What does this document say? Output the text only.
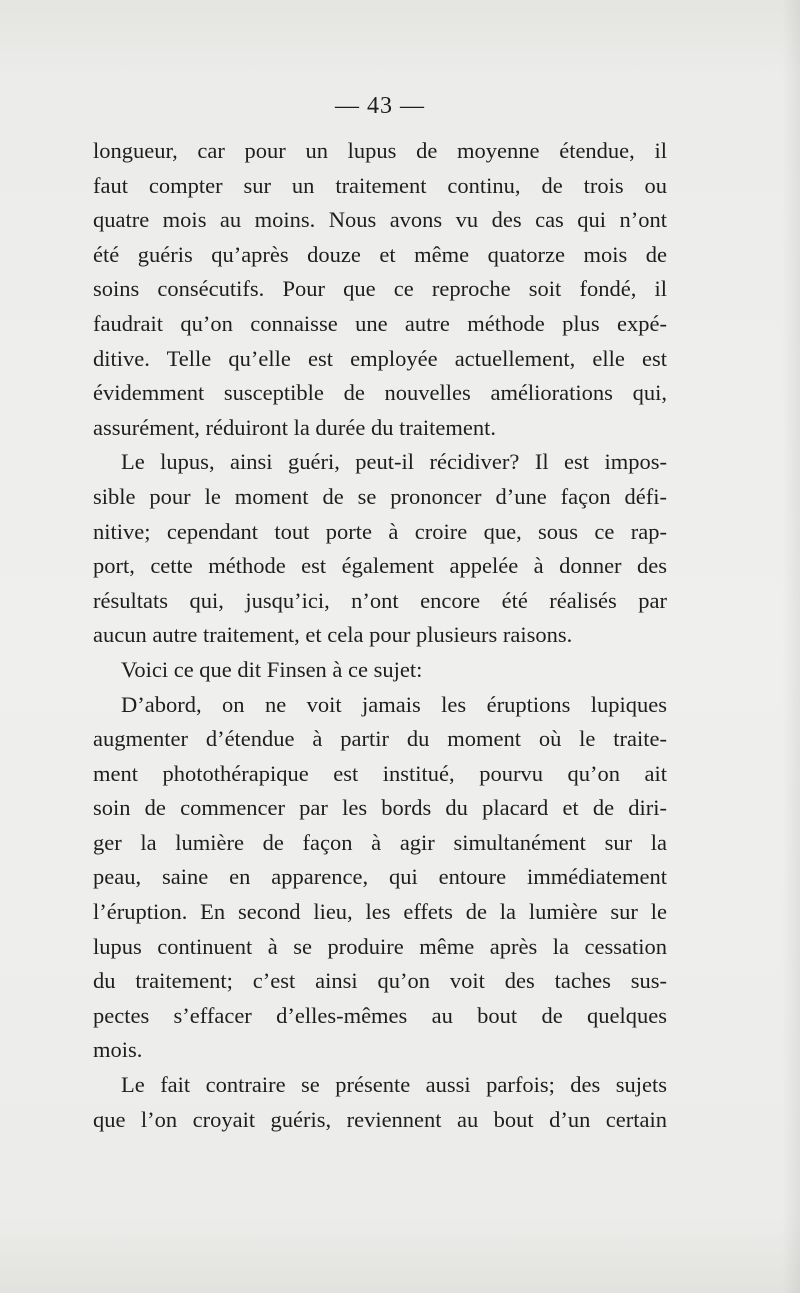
— 43 —
longueur, car pour un lupus de moyenne étendue, il
faut compter sur un traitement continu, de trois ou
quatre mois au moins. Nous avons vu des cas qui n’ont
été guéris qu’après douze et même quatorze mois de
soins consécutifs. Pour que ce reproche soit fondé, il
faudrait qu’on connaisse une autre méthode plus expé-
ditive. Telle qu’elle est employée actuellement, elle est
évidemment susceptible de nouvelles améliorations qui,
assurément, réduiront la durée du traitement.
Le lupus, ainsi guéri, peut-il récidiver? Il est impos-
sible pour le moment de se prononcer d’une façon défi-
nitive; cependant tout porte à croire que, sous ce rap-
port, cette méthode est également appelée à donner des
résultats qui, jusqu’ici, n’ont encore été réalisés par
aucun autre traitement, et cela pour plusieurs raisons.
Voici ce que dit Finsen à ce sujet:
D’abord, on ne voit jamais les éruptions lupiques
augmenter d’étendue à partir du moment où le traite-
ment photothérapique est institué, pourvu qu’on ait
soin de commencer par les bords du placard et de diri-
ger la lumière de façon à agir simultanément sur la
peau, saine en apparence, qui entoure immédiatement
l’éruption. En second lieu, les effets de la lumière sur le
lupus continuent à se produire même après la cessation
du traitement; c’est ainsi qu’on voit des taches sus-
pectes s’effacer d’elles-mêmes au bout de quelques
mois.
Le fait contraire se présente aussi parfois; des sujets
que l’on croyait guéris, reviennent au bout d’un certain
